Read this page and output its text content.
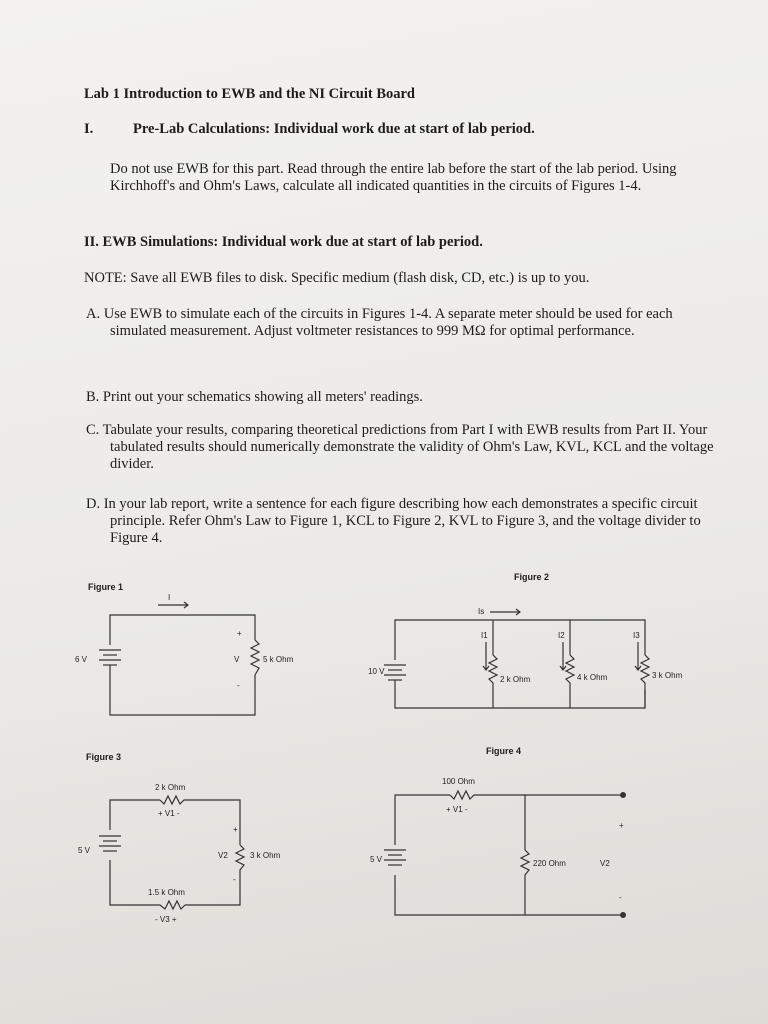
Lab 1 Introduction to EWB and the NI Circuit Board
I.	Pre-Lab Calculations: Individual work due at start of lab period.
Do not use EWB for this part. Read through the entire lab before the start of the lab period. Using Kirchhoff's and Ohm's Laws, calculate all indicated quantities in the circuits of Figures 1-4.
II. EWB Simulations: Individual work due at start of lab period.
NOTE: Save all EWB files to disk. Specific medium (flash disk, CD, etc.) is up to you.
A. Use EWB to simulate each of the circuits in Figures 1-4. A separate meter should be used for each simulated measurement. Adjust voltmeter resistances to 999 MΩ for optimal performance.
B. Print out your schematics showing all meters' readings.
C. Tabulate your results, comparing theoretical predictions from Part I with EWB results from Part II. Your tabulated results should numerically demonstrate the validity of Ohm's Law, KVL, KCL and the voltage divider.
D. In your lab report, write a sentence for each figure describing how each demonstrates a specific circuit principle. Refer Ohm's Law to Figure 1, KCL to Figure 2, KVL to Figure 3, and the voltage divider to Figure 4.
Figure 1
Figure 2
Figure 3
Figure 4
I
6 V	V	5 k Ohm
+
-
Is
10 V
I1	I2	I3
2 k Ohm	4 k Ohm	3 k Ohm
2 k Ohm
+ V1 -
5 V
V2	3 k Ohm
+
-
1.5 k Ohm
- V3 +
100 Ohm
+ V1 -
5 V	220 Ohm	V2
+
-
